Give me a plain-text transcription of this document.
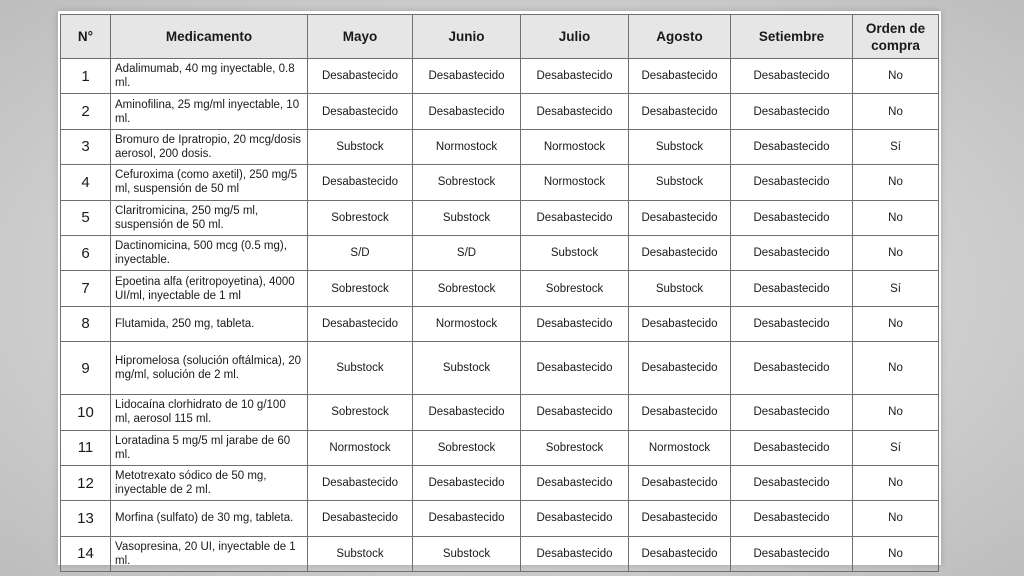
N°	Medicamento	Mayo	Junio	Julio	Agosto	Setiembre	Orden de compra
1	Adalimumab, 40 mg inyectable, 0.8 ml.	Desabastecido	Desabastecido	Desabastecido	Desabastecido	Desabastecido	No
2	Aminofilina, 25 mg/ml inyectable, 10 ml.	Desabastecido	Desabastecido	Desabastecido	Desabastecido	Desabastecido	No
3	Bromuro de Ipratropio, 20 mcg/dosis aerosol, 200 dosis.	Substock	Normostock	Normostock	Substock	Desabastecido	Sí
4	Cefuroxima (como axetil), 250 mg/5 ml, suspensión de 50 ml	Desabastecido	Sobrestock	Normostock	Substock	Desabastecido	No
5	Claritromicina, 250 mg/5 ml, suspensión de 50 ml.	Sobrestock	Substock	Desabastecido	Desabastecido	Desabastecido	No
6	Dactinomicina, 500 mcg (0.5 mg), inyectable.	S/D	S/D	Substock	Desabastecido	Desabastecido	No
7	Epoetina alfa (eritropoyetina), 4000 UI/ml, inyectable de 1 ml	Sobrestock	Sobrestock	Sobrestock	Substock	Desabastecido	Sí
8	Flutamida, 250 mg, tableta.	Desabastecido	Normostock	Desabastecido	Desabastecido	Desabastecido	No
9	Hipromelosa (solución oftálmica), 20 mg/ml, solución de 2 ml.	Substock	Substock	Desabastecido	Desabastecido	Desabastecido	No
10	Lidocaína clorhidrato de 10 g/100 ml, aerosol 115 ml.	Sobrestock	Desabastecido	Desabastecido	Desabastecido	Desabastecido	No
11	Loratadina 5 mg/5 ml jarabe de 60 ml.	Normostock	Sobrestock	Sobrestock	Normostock	Desabastecido	Sí
12	Metotrexato sódico de 50 mg, inyectable de 2 ml.	Desabastecido	Desabastecido	Desabastecido	Desabastecido	Desabastecido	No
13	Morfina (sulfato) de 30 mg, tableta.	Desabastecido	Desabastecido	Desabastecido	Desabastecido	Desabastecido	No
14	Vasopresina, 20 UI, inyectable de 1 ml.	Substock	Substock	Desabastecido	Desabastecido	Desabastecido	No
